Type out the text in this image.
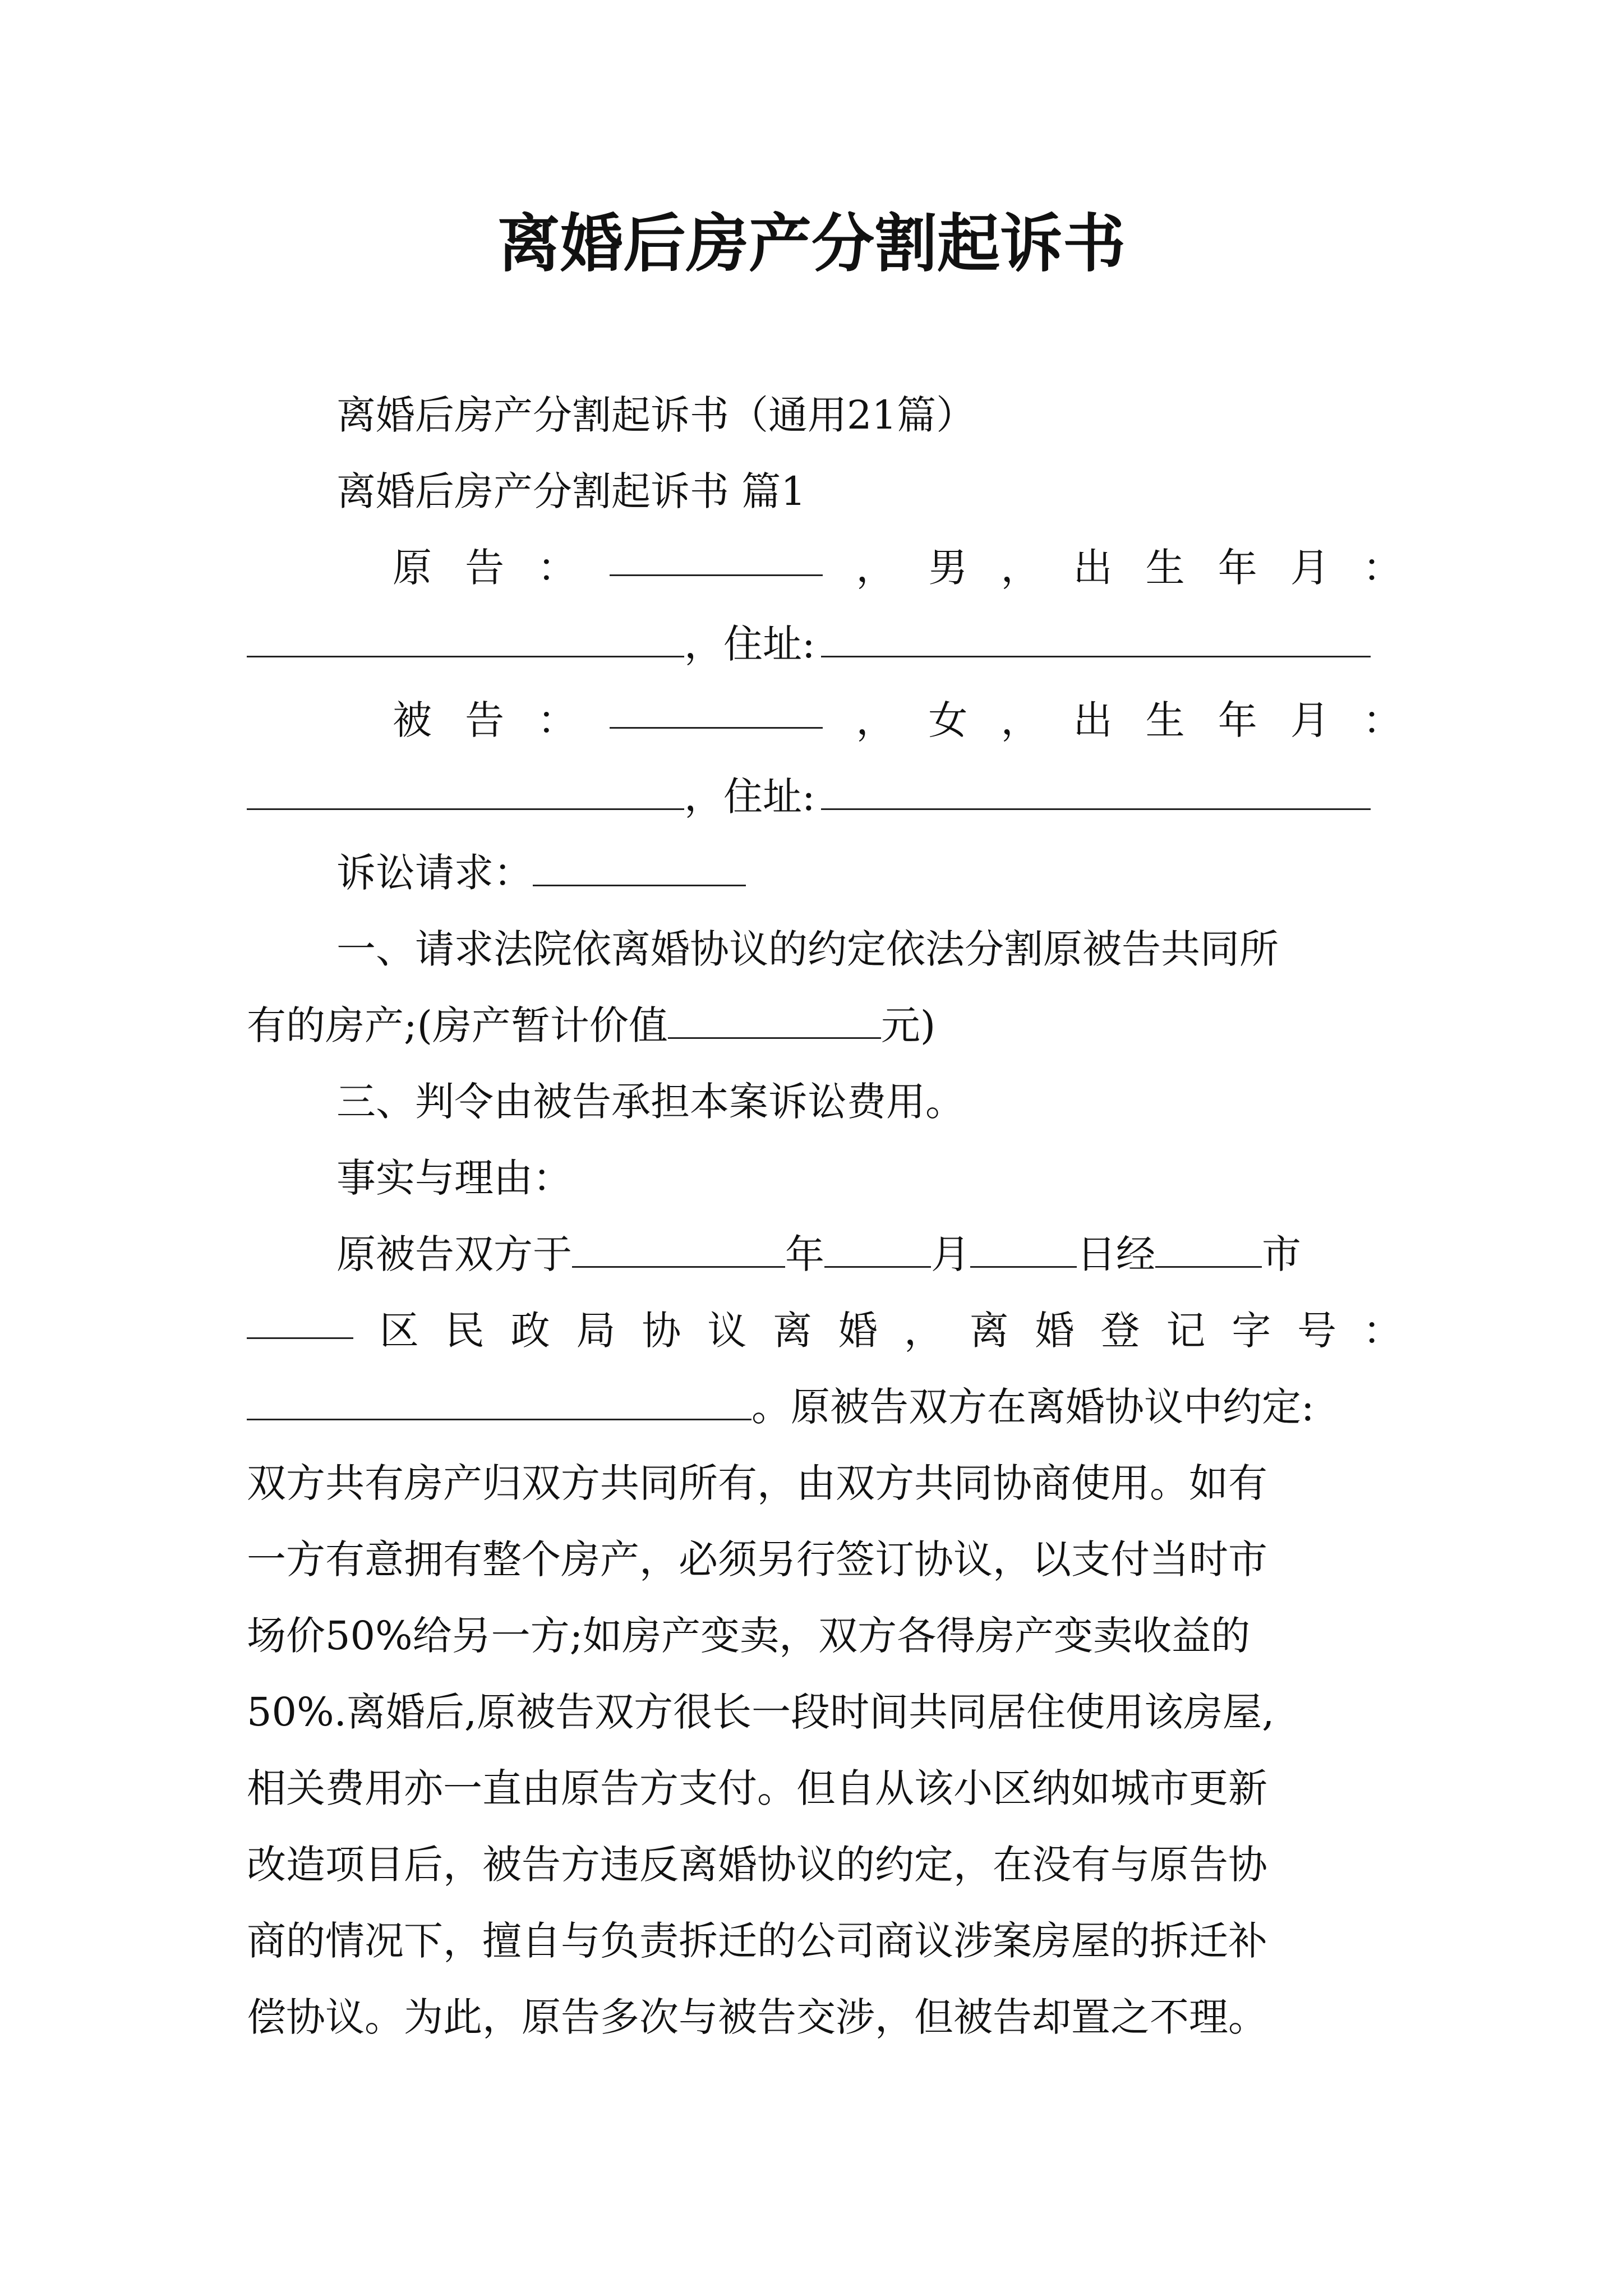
离婚后房产分割起诉书
离婚后房产分割起诉书（通用21篇）
离婚后房产分割起诉书 篇1
原 告 ：	， 男 ， 出 生 年 月 ：
，住址:
被 告 ：	， 女 ， 出 生 年 月 ：
，住址:
诉讼请求：
一、请求法院依离婚协议的约定依法分割原被告共同所
有的房产;(房产暂计价值	元)
三、判令由被告承担本案诉讼费用。
事实与理由：
原被告双方于	年	月	日经	市
区 民 政 局 协 议 离 婚 ， 离 婚 登 记 字 号 ：
。原被告双方在离婚协议中约定:
双方共有房产归双方共同所有，由双方共同协商使用。如有
一方有意拥有整个房产，必须另行签订协议，以支付当时市
场价50%给另一方;如房产变卖，双方各得房产变卖收益的
50%.离婚后,原被告双方很长一段时间共同居住使用该房屋,
相关费用亦一直由原告方支付。但自从该小区纳如城市更新
改造项目后，被告方违反离婚协议的约定，在没有与原告协
商的情况下，擅自与负责拆迁的公司商议涉案房屋的拆迁补
偿协议。为此，原告多次与被告交涉，但被告却置之不理。
